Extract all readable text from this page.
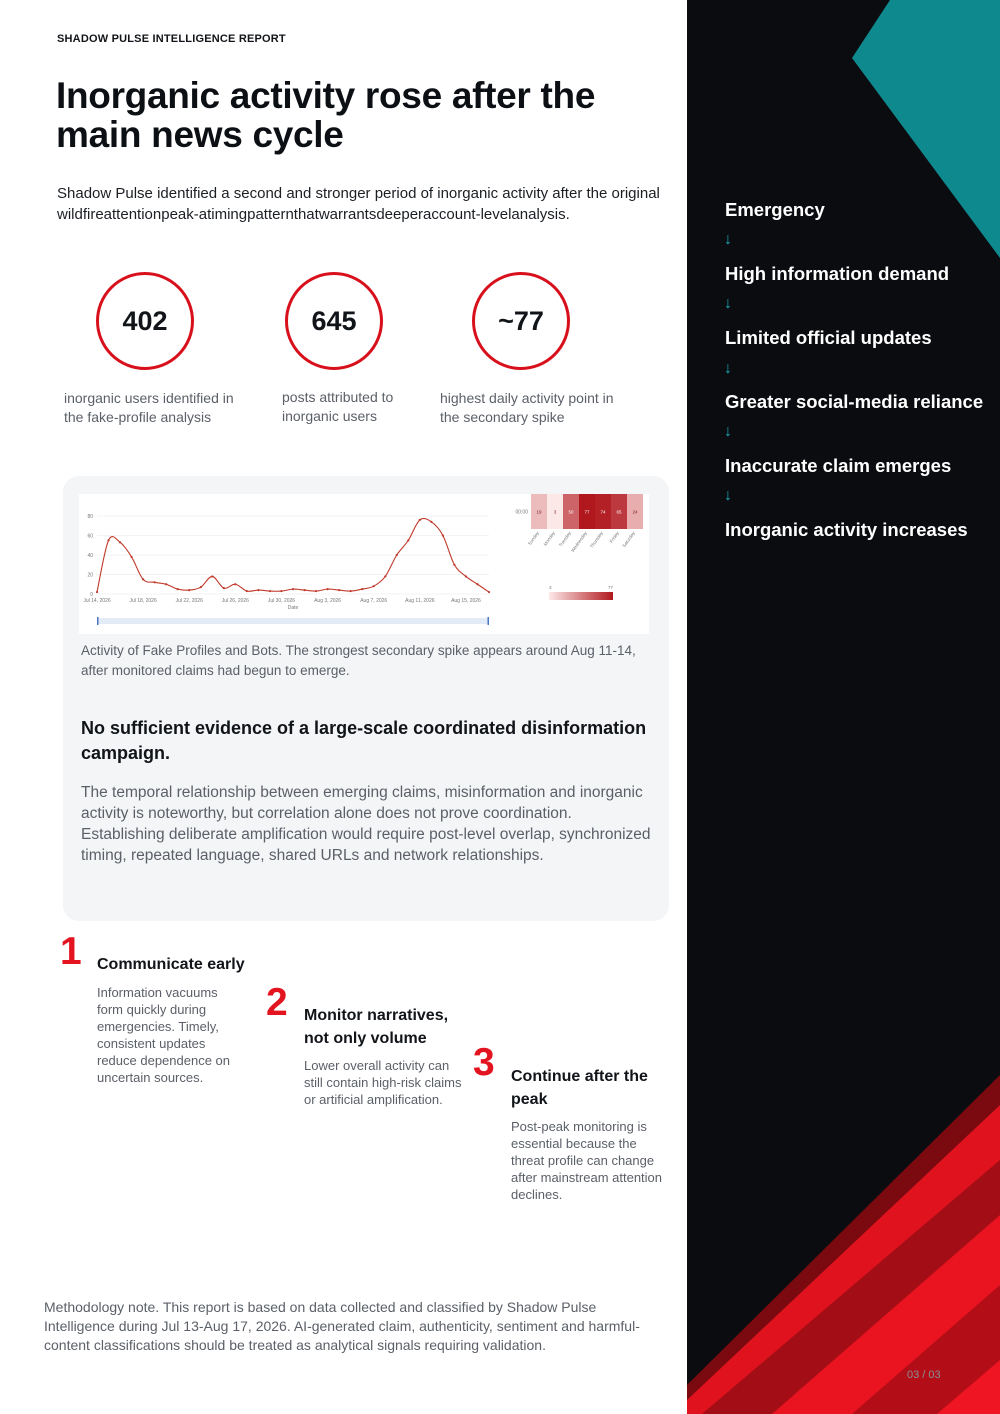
SHADOW PULSE INTELLIGENCE REPORT
Inorganic activity rose after the
main news cycle

Shadow Pulse identified a second and stronger period of inorganic activity after the original wildfireattentionpeak-atimingpatternthatwarrantsdeeperaccount-levelanalysis.

402
inorganic users identified in the fake-profile analysis
645
posts attributed to inorganic users
~77
highest daily activity point in the secondary spike
0
20
40
60
80
Jul 14, 2026	Jul 18, 2026	Jul 22, 2026	Jul 26, 2026	Jul 30, 2026	Aug 3, 2026	Aug 7, 2026	Aug 11, 2026	Aug 15, 2026
Date
00:00 19
Sunday
3
Monday
50
Tuesday
77
Wednesday
74
Thursday
65
Friday
24
Saturday
3	77
Activity of Fake Profiles and Bots. The strongest secondary spike appears around Aug 11-14, after monitored claims had begun to emerge.
No sufficient evidence of a large-scale coordinated disinformation campaign.

The temporal relationship between emerging claims, misinformation and inorganic activity is noteworthy, but correlation alone does not prove coordination. Establishing deliberate amplification would require post-level overlap, synchronized timing, repeated language, shared URLs and network relationships.

1 Communicate early
Information vacuums form quickly during emergencies. Timely, consistent updates reduce dependence on uncertain sources.
2 Monitor narratives, not only volume
Lower overall activity can still contain high-risk claims or artificial amplification.
3 Continue after the peak
Post-peak monitoring is essential because the threat profile can change after mainstream attention declines.

Methodology note. This report is based on data collected and classified by Shadow Pulse Intelligence during Jul 13-Aug 17, 2026. AI-generated claim, authenticity, sentiment and harmful-content classifications should be treated as analytical signals requiring validation.

Emergency
↓
High information demand
↓
Limited official updates
↓
Greater social-media reliance
↓
Inaccurate claim emerges
↓
Inorganic activity increases
03 / 03
